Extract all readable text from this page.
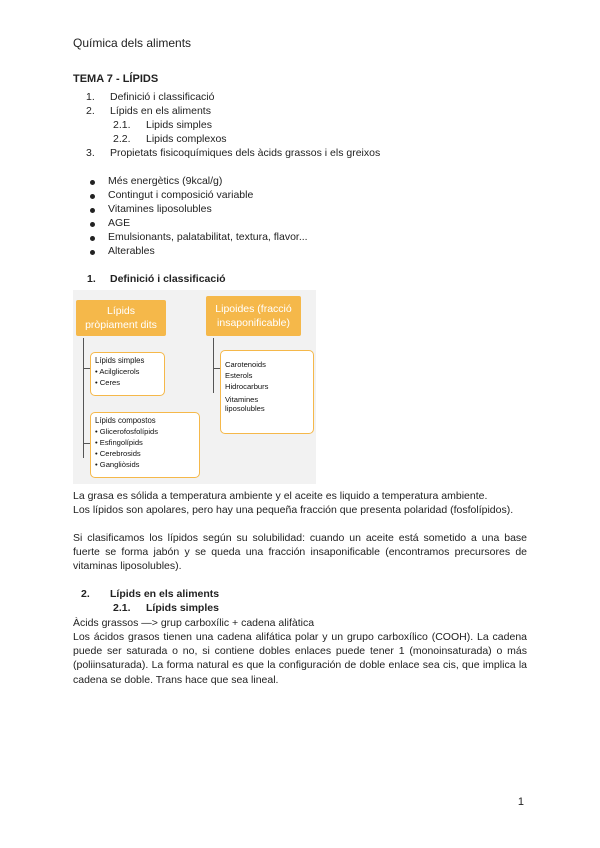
Química dels aliments
TEMA 7 - LÍPIDS
1. Definició i classificació
2. Lípids en els aliments
2.1. Lipids simples
2.2. Lipids complexos
3. Propietats fisicoquímiques dels àcids grassos i els greixos
Més energètics (9kcal/g)
Contingut i composició variable
Vitamines liposolubles
AGE
Emulsionants, palatabilitat, textura, flavor...
Alterables
1. Definició i classificació
Lípids
pròpiament dits
Lipoides (fracció
insaponificable)
Lípids simples
• Acilglicerols
• Ceres
Lípids compostos
• Glicerofosfolípids
• Esfingolípids
• Cerebrosids
• Gangliòsids
Carotenoids
Esterols
Hidrocarburs
Vitamines
liposolubles
La grasa es sólida a temperatura ambiente y el aceite es liquido a temperatura ambiente.
Los lípidos son apolares, pero hay una pequeña fracción que presenta polaridad (fosfolípidos).
Si clasificamos los lípidos según su solubilidad: cuando un aceite está sometido a una base fuerte se forma jabón y se queda una fracción insaponificable (encontramos precursores de vitaminas liposolubles).
2. Lípids en els aliments
2.1. Lípids simples
Àcids grassos —> grup carboxílic + cadena alifàtica
Los ácidos grasos tienen una cadena alifática polar y un grupo carboxílico (COOH). La cadena puede ser saturada o no, si contiene dobles enlaces puede tener 1 (monoinsaturada) o más (poliinsaturada). La forma natural es que la configuración de doble enlace sea cis, que implica la cadena se doble. Trans hace que sea lineal.
1
